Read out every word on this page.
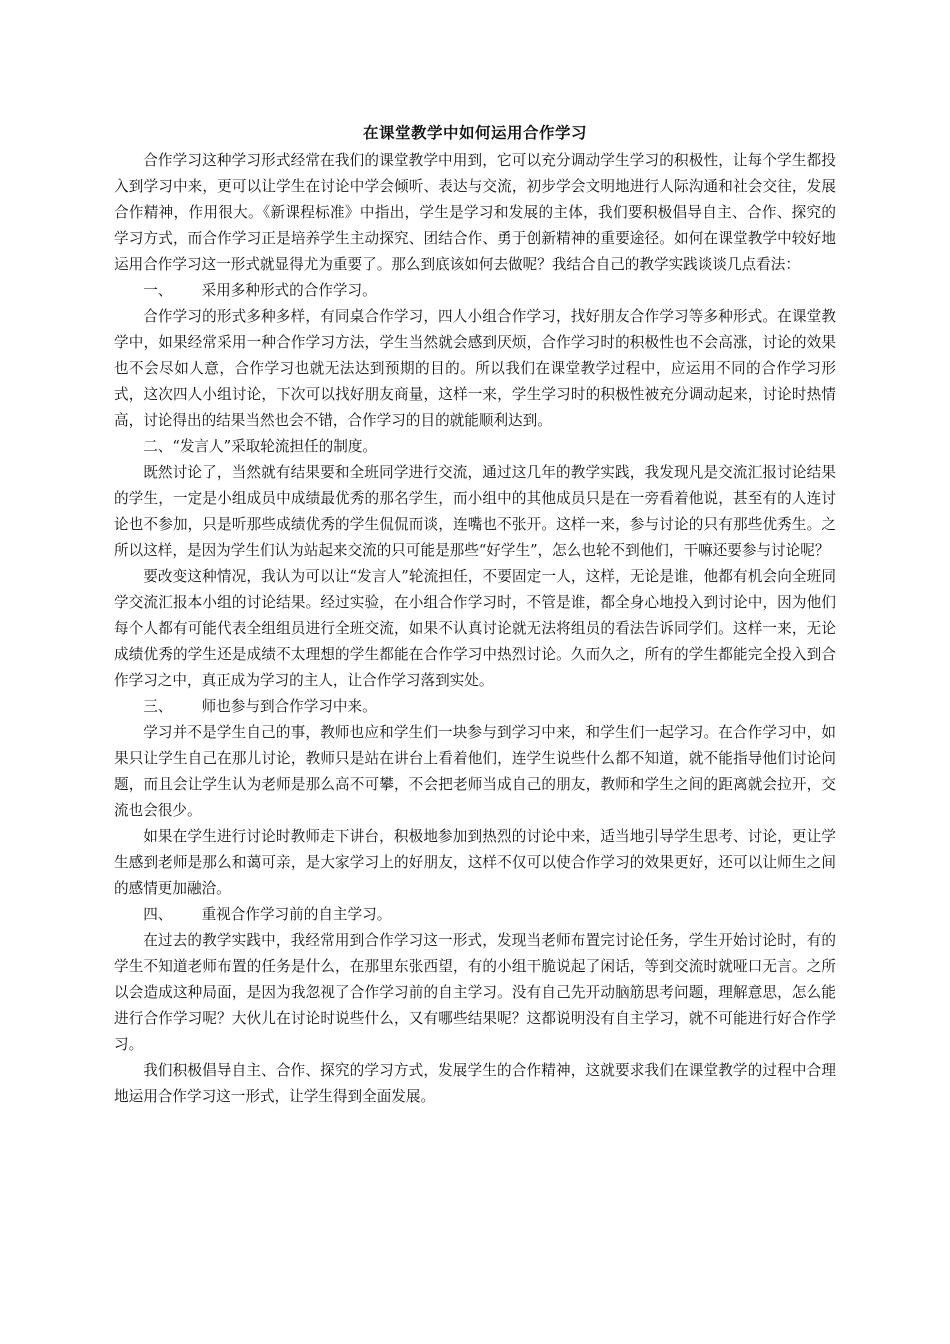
在课堂教学中如何运用合作学习

合作学习这种学习形式经常在我们的课堂教学中用到，它可以充分调动学生学习的积极性，让每个学生都投入到学习中来，更可以让学生在讨论中学会倾听、表达与交流，初步学会文明地进行人际沟通和社会交往，发展合作精神，作用很大。《新课程标准》中指出，学生是学习和发展的主体，我们要积极倡导自主、合作、探究的学习方式，而合作学习正是培养学生主动探究、团结合作、勇于创新精神的重要途径。如何在课堂教学中较好地运用合作学习这一形式就显得尤为重要了。那么到底该如何去做呢？我结合自己的教学实践谈谈几点看法：

一、 采用多种形式的合作学习。

合作学习的形式多种多样，有同桌合作学习，四人小组合作学习，找好朋友合作学习等多种形式。在课堂教学中，如果经常采用一种合作学习方法，学生当然就会感到厌烦，合作学习时的积极性也不会高涨，讨论的效果也不会尽如人意，合作学习也就无法达到预期的目的。所以我们在课堂教学过程中，应运用不同的合作学习形式，这次四人小组讨论，下次可以找好朋友商量，这样一来，学生学习时的积极性被充分调动起来，讨论时热情高，讨论得出的结果当然也会不错，合作学习的目的就能顺利达到。

二、“发言人”采取轮流担任的制度。

既然讨论了，当然就有结果要和全班同学进行交流，通过这几年的教学实践，我发现凡是交流汇报讨论结果的学生，一定是小组成员中成绩最优秀的那名学生，而小组中的其他成员只是在一旁看着他说，甚至有的人连讨论也不参加，只是听那些成绩优秀的学生侃侃而谈，连嘴也不张开。这样一来，参与讨论的只有那些优秀生。之所以这样，是因为学生们认为站起来交流的只可能是那些“好学生”，怎么也轮不到他们，干嘛还要参与讨论呢？

要改变这种情况，我认为可以让“发言人”轮流担任，不要固定一人，这样，无论是谁，他都有机会向全班同学交流汇报本小组的讨论结果。经过实验，在小组合作学习时，不管是谁，都全身心地投入到讨论中，因为他们每个人都有可能代表全组组员进行全班交流，如果不认真讨论就无法将组员的看法告诉同学们。这样一来，无论成绩优秀的学生还是成绩不太理想的学生都能在合作学习中热烈讨论。久而久之，所有的学生都能完全投入到合作学习之中，真正成为学习的主人，让合作学习落到实处。

三、 师也参与到合作学习中来。

学习并不是学生自己的事，教师也应和学生们一块参与到学习中来，和学生们一起学习。在合作学习中，如果只让学生自己在那儿讨论，教师只是站在讲台上看着他们，连学生说些什么都不知道，就不能指导他们讨论问题，而且会让学生认为老师是那么高不可攀，不会把老师当成自己的朋友，教师和学生之间的距离就会拉开，交流也会很少。

如果在学生进行讨论时教师走下讲台，积极地参加到热烈的讨论中来，适当地引导学生思考、讨论，更让学生感到老师是那么和蔼可亲，是大家学习上的好朋友，这样不仅可以使合作学习的效果更好，还可以让师生之间的感情更加融洽。

四、 重视合作学习前的自主学习。

在过去的教学实践中，我经常用到合作学习这一形式，发现当老师布置完讨论任务，学生开始讨论时，有的学生不知道老师布置的任务是什么，在那里东张西望，有的小组干脆说起了闲话，等到交流时就哑口无言。之所以会造成这种局面，是因为我忽视了合作学习前的自主学习。没有自己先开动脑筋思考问题，理解意思，怎么能进行合作学习呢？大伙儿在讨论时说些什么，又有哪些结果呢？这都说明没有自主学习，就不可能进行好合作学习。

我们积极倡导自主、合作、探究的学习方式，发展学生的合作精神，这就要求我们在课堂教学的过程中合理地运用合作学习这一形式，让学生得到全面发展。
